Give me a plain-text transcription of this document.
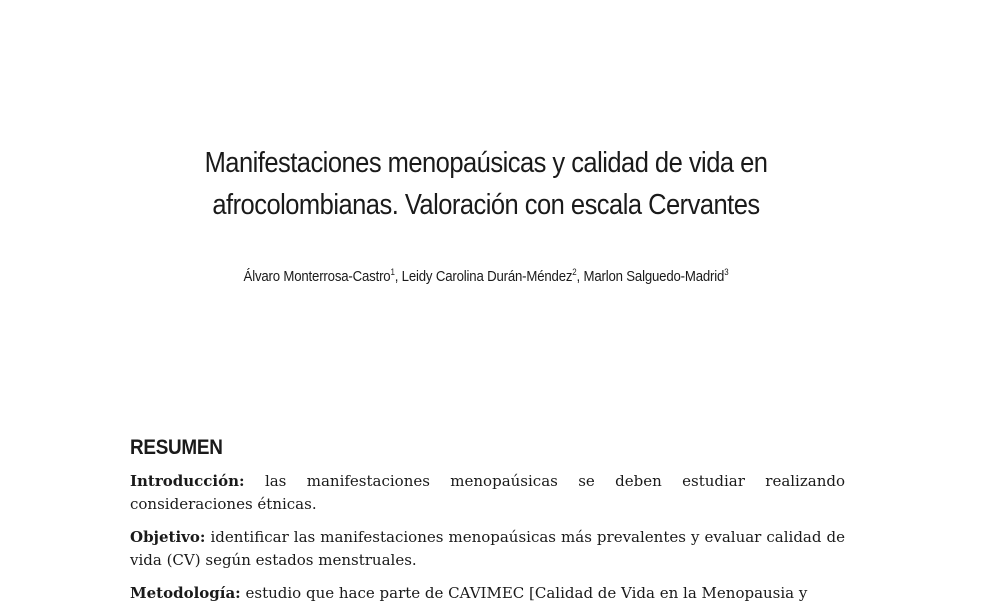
Manifestaciones menopaúsicas y calidad de vida en
afrocolombianas. Valoración con escala Cervantes
Álvaro Monterrosa-Castro$^1$, Leidy Carolina Durán-Méndez$^2$, Marlon Salguedo-Madrid$^3$
RESUMEN

Introducción: las manifestaciones menopaúsicas se deben estudiar realizando consideraciones étnicas.

Objetivo: identificar las manifestaciones menopaúsicas más prevalentes y evaluar calidad de vida (CV) según estados menstruales.

Metodología: estudio que hace parte de CAVIMEC [Calidad de Vida en la Menopausia y
